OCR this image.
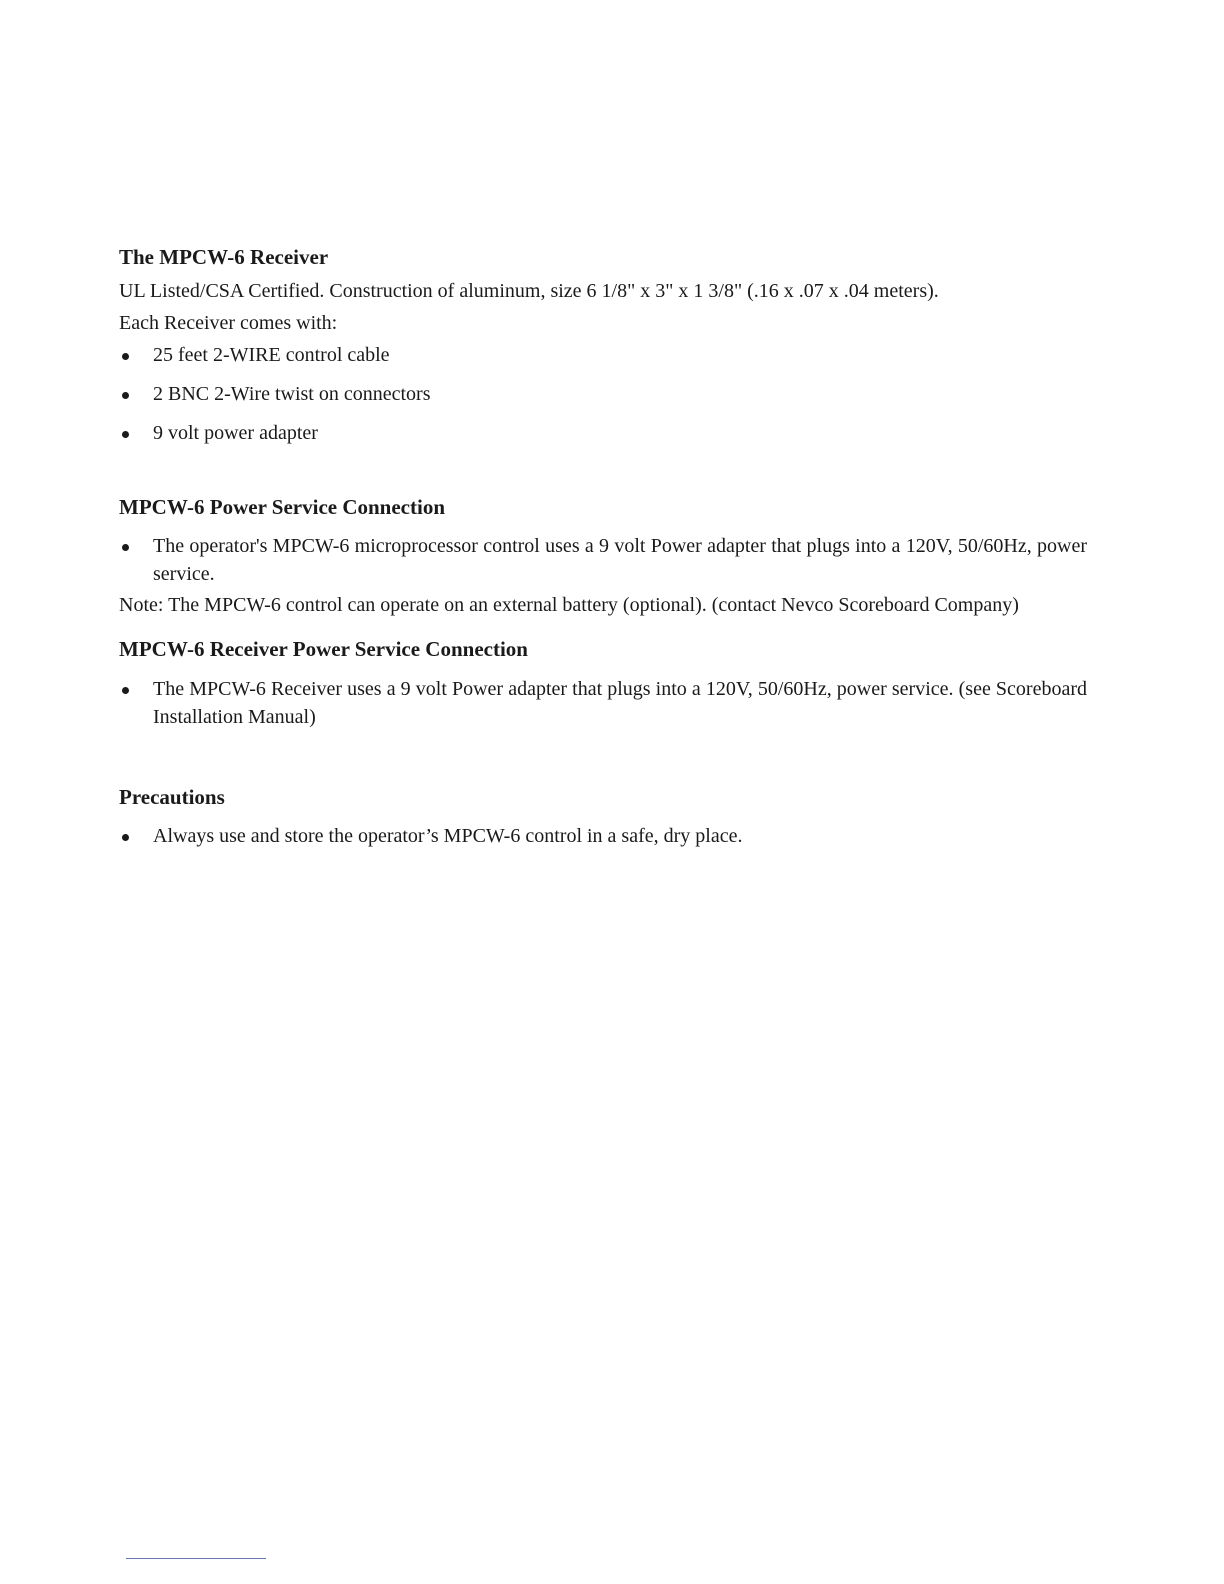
The MPCW-6 Receiver

UL Listed/CSA Certified. Construction of aluminum, size 6 1/8" x 3" x 1 3/8" (.16 x .07 x .04 meters).

Each Receiver comes with:

25 feet 2-WIRE control cable
2 BNC 2-Wire twist on connectors
9 volt power adapter
MPCW-6 Power Service Connection
The operator's MPCW-6 microprocessor control uses a 9 volt Power adapter that plugs into a 120V, 50/60Hz, power service.

Note: The MPCW-6 control can operate on an external battery (optional). (contact Nevco Scoreboard Company)

MPCW-6 Receiver Power Service Connection
The MPCW-6 Receiver uses a 9 volt Power adapter that plugs into a 120V, 50/60Hz, power service. (see Scoreboard Installation Manual)
Precautions
Always use and store the operator’s MPCW-6 control in a safe, dry place.
